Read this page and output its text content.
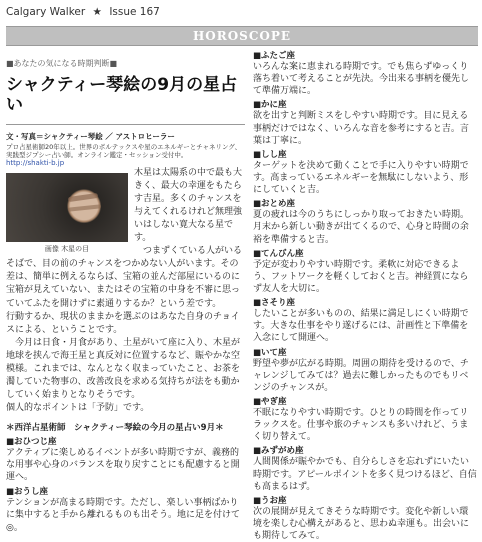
Calgary Walker ★ Issue 167
HOROSCOPE
■あなたの気になる時期判断■
シャクティー琴絵の9月の星占い
文・写真＝シャクティー琴絵 ／ アストロヒーラー
プロ占星術師20年以上。世界のボルテックスや星のエネルギーとチャネリング、実践型ジプシー占い師。オンライン鑑定・セッション受付中。
http://shakti-b.jp
画像 木星の目

木星は太陽系の中で最も大きく、最大の幸運をもたらす吉星。多くのチャンスを与えてくれるけれど無理強いはしない寛大なる星です。

つまずくている人がいるそばで、目の前のチャンスをつかめない人がいます。その差は、簡単に例えるならば、宝箱の並んだ部屋にいるのに宝箱が見えていない、またはその宝箱の中身を不審に思っていてふたを開けずに素通りするか？という差です。

行動するか、現状のままかを選ぶのはあなた自身のチョイスによる、ということです。

今月は日食・月食があり、土星がいて座に入り、木星が地球を挟んで海王星と真反対に位置するなど、賑やかな空模様。これまでは、なんとなく収まっていたこと、お茶を濁していた物事の、改善改良を求める気持ちが法をも動かしていく始まりとなりそうです。

個人的なポイントは「予防」です。

＊西洋占星術師　シャクティー琴絵の今月の星占い9月＊
■おひつじ座
アクティブに楽しめるイベントが多い時期ですが、義務的な用事や心身のバランスを取り戻すことにも配慮すると開運へ。
■おうし座
テンションが高まる時期です。ただし、楽しい事柄ばかりに集中すると手から離れるものも出そう。地に足を付けて◎。
■ふたご座
いろんな案に恵まれる時期です。でも焦らずゆっくり落ち着いて考えることが先決。今出来る事柄を優先して準備万端に。
■かに座
欲を出すと判断ミスをしやすい時期です。目に見える事柄だけではなく、いろんな音を参考にすると吉。言葉は丁寧に。
■しし座
ターゲットを決めて動くことで手に入りやすい時期です。高まっているエネルギーを無駄にしないよう、形にしていくと吉。
■おとめ座
夏の疲れは今のうちにしっかり取っておきたい時期。月末から新しい動きが出てくるので、心身と時間の余裕を準備すると吉。
■てんびん座
予定が変わりやすい時期です。柔軟に対応できるよう、フットワークを軽くしておくと吉。神経質にならず友人を大切に。
■さそり座
したいことが多いものの、結果に満足しにくい時期です。大きな仕事をやり遂げるには、計画性と下準備を入念にして開運へ。
■いて座
野望や夢が広がる時期。周囲の期待を受けるので、チャレンジしてみては？過去に難しかったものでもリベンジのチャンスが。
■やぎ座
不眠になりやすい時期です。ひとりの時間を作ってリラックスを。仕事や旅のチャンスも多いけれど、うまく切り替えて。
■みずがめ座
人間関係が賑やかでも、自分らしさを忘れずにいたい時期です。アピールポイントを多く見つけるほど、自信も高まるはず。
■うお座
次の展開が見えてきそうな時期です。変化や新しい環境を楽しむ心構えがあると、思わぬ幸運も。出会いにも期待してみて。
